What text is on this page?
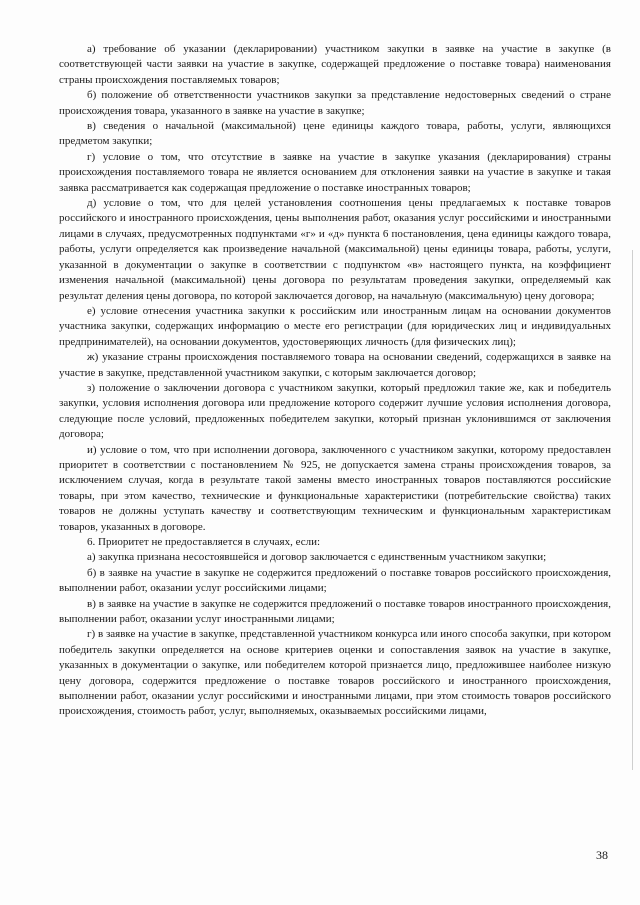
а) требование об указании (декларировании) участником закупки в заявке на участие в закупке (в соответствующей части заявки на участие в закупке, содержащей предложение о поставке товара) наименования страны происхождения поставляемых товаров;

б) положение об ответственности участников закупки за представление недостоверных сведений о стране происхождения товара, указанного в заявке на участие в закупке;

в) сведения о начальной (максимальной) цене единицы каждого товара, работы, услуги, являющихся предметом закупки;

г) условие о том, что отсутствие в заявке на участие в закупке указания (декларирования) страны происхождения поставляемого товара не является основанием для отклонения заявки на участие в закупке и такая заявка рассматривается как содержащая предложение о поставке иностранных товаров;

д) условие о том, что для целей установления соотношения цены предлагаемых к поставке товаров российского и иностранного происхождения, цены выполнения работ, оказания услуг российскими и иностранными лицами в случаях, предусмотренных подпунктами «г» и «д» пункта 6 постановления, цена единицы каждого товара, работы, услуги определяется как произведение начальной (максимальной) цены единицы товара, работы, услуги, указанной в документации о закупке в соответствии с подпунктом «в» настоящего пункта, на коэффициент изменения начальной (максимальной) цены договора по результатам проведения закупки, определяемый как результат деления цены договора, по которой заключается договор, на начальную (максимальную) цену договора;

е) условие отнесения участника закупки к российским или иностранным лицам на основании документов участника закупки, содержащих информацию о месте его регистрации (для юридических лиц и индивидуальных предпринимателей), на основании документов, удостоверяющих личность (для физических лиц);

ж) указание страны происхождения поставляемого товара на основании сведений, содержащихся в заявке на участие в закупке, представленной участником закупки, с которым заключается договор;

з) положение о заключении договора с участником закупки, который предложил такие же, как и победитель закупки, условия исполнения договора или предложение которого содержит лучшие условия исполнения договора, следующие после условий, предложенных победителем закупки, который признан уклонившимся от заключения договора;

и) условие о том, что при исполнении договора, заключенного с участником закупки, которому предоставлен приоритет в соответствии с постановлением № 925, не допускается замена страны происхождения товаров, за исключением случая, когда в результате такой замены вместо иностранных товаров поставляются российские товары, при этом качество, технические и функциональные характеристики (потребительские свойства) таких товаров не должны уступать качеству и соответствующим техническим и функциональным характеристикам товаров, указанных в договоре.

6. Приоритет не предоставляется в случаях, если:

а) закупка признана несостоявшейся и договор заключается с единственным участником закупки;

б) в заявке на участие в закупке не содержится предложений о поставке товаров российского происхождения, выполнении работ, оказании услуг российскими лицами;

в) в заявке на участие в закупке не содержится предложений о поставке товаров иностранного происхождения, выполнении работ, оказании услуг иностранными лицами;

г) в заявке на участие в закупке, представленной участником конкурса или иного способа закупки, при котором победитель закупки определяется на основе критериев оценки и сопоставления заявок на участие в закупке, указанных в документации о закупке, или победителем которой признается лицо, предложившее наиболее низкую цену договора, содержится предложение о поставке товаров российского и иностранного происхождения, выполнении работ, оказании услуг российскими и иностранными лицами, при этом стоимость товаров российского происхождения, стоимость работ, услуг, выполняемых, оказываемых российскими лицами,

38
